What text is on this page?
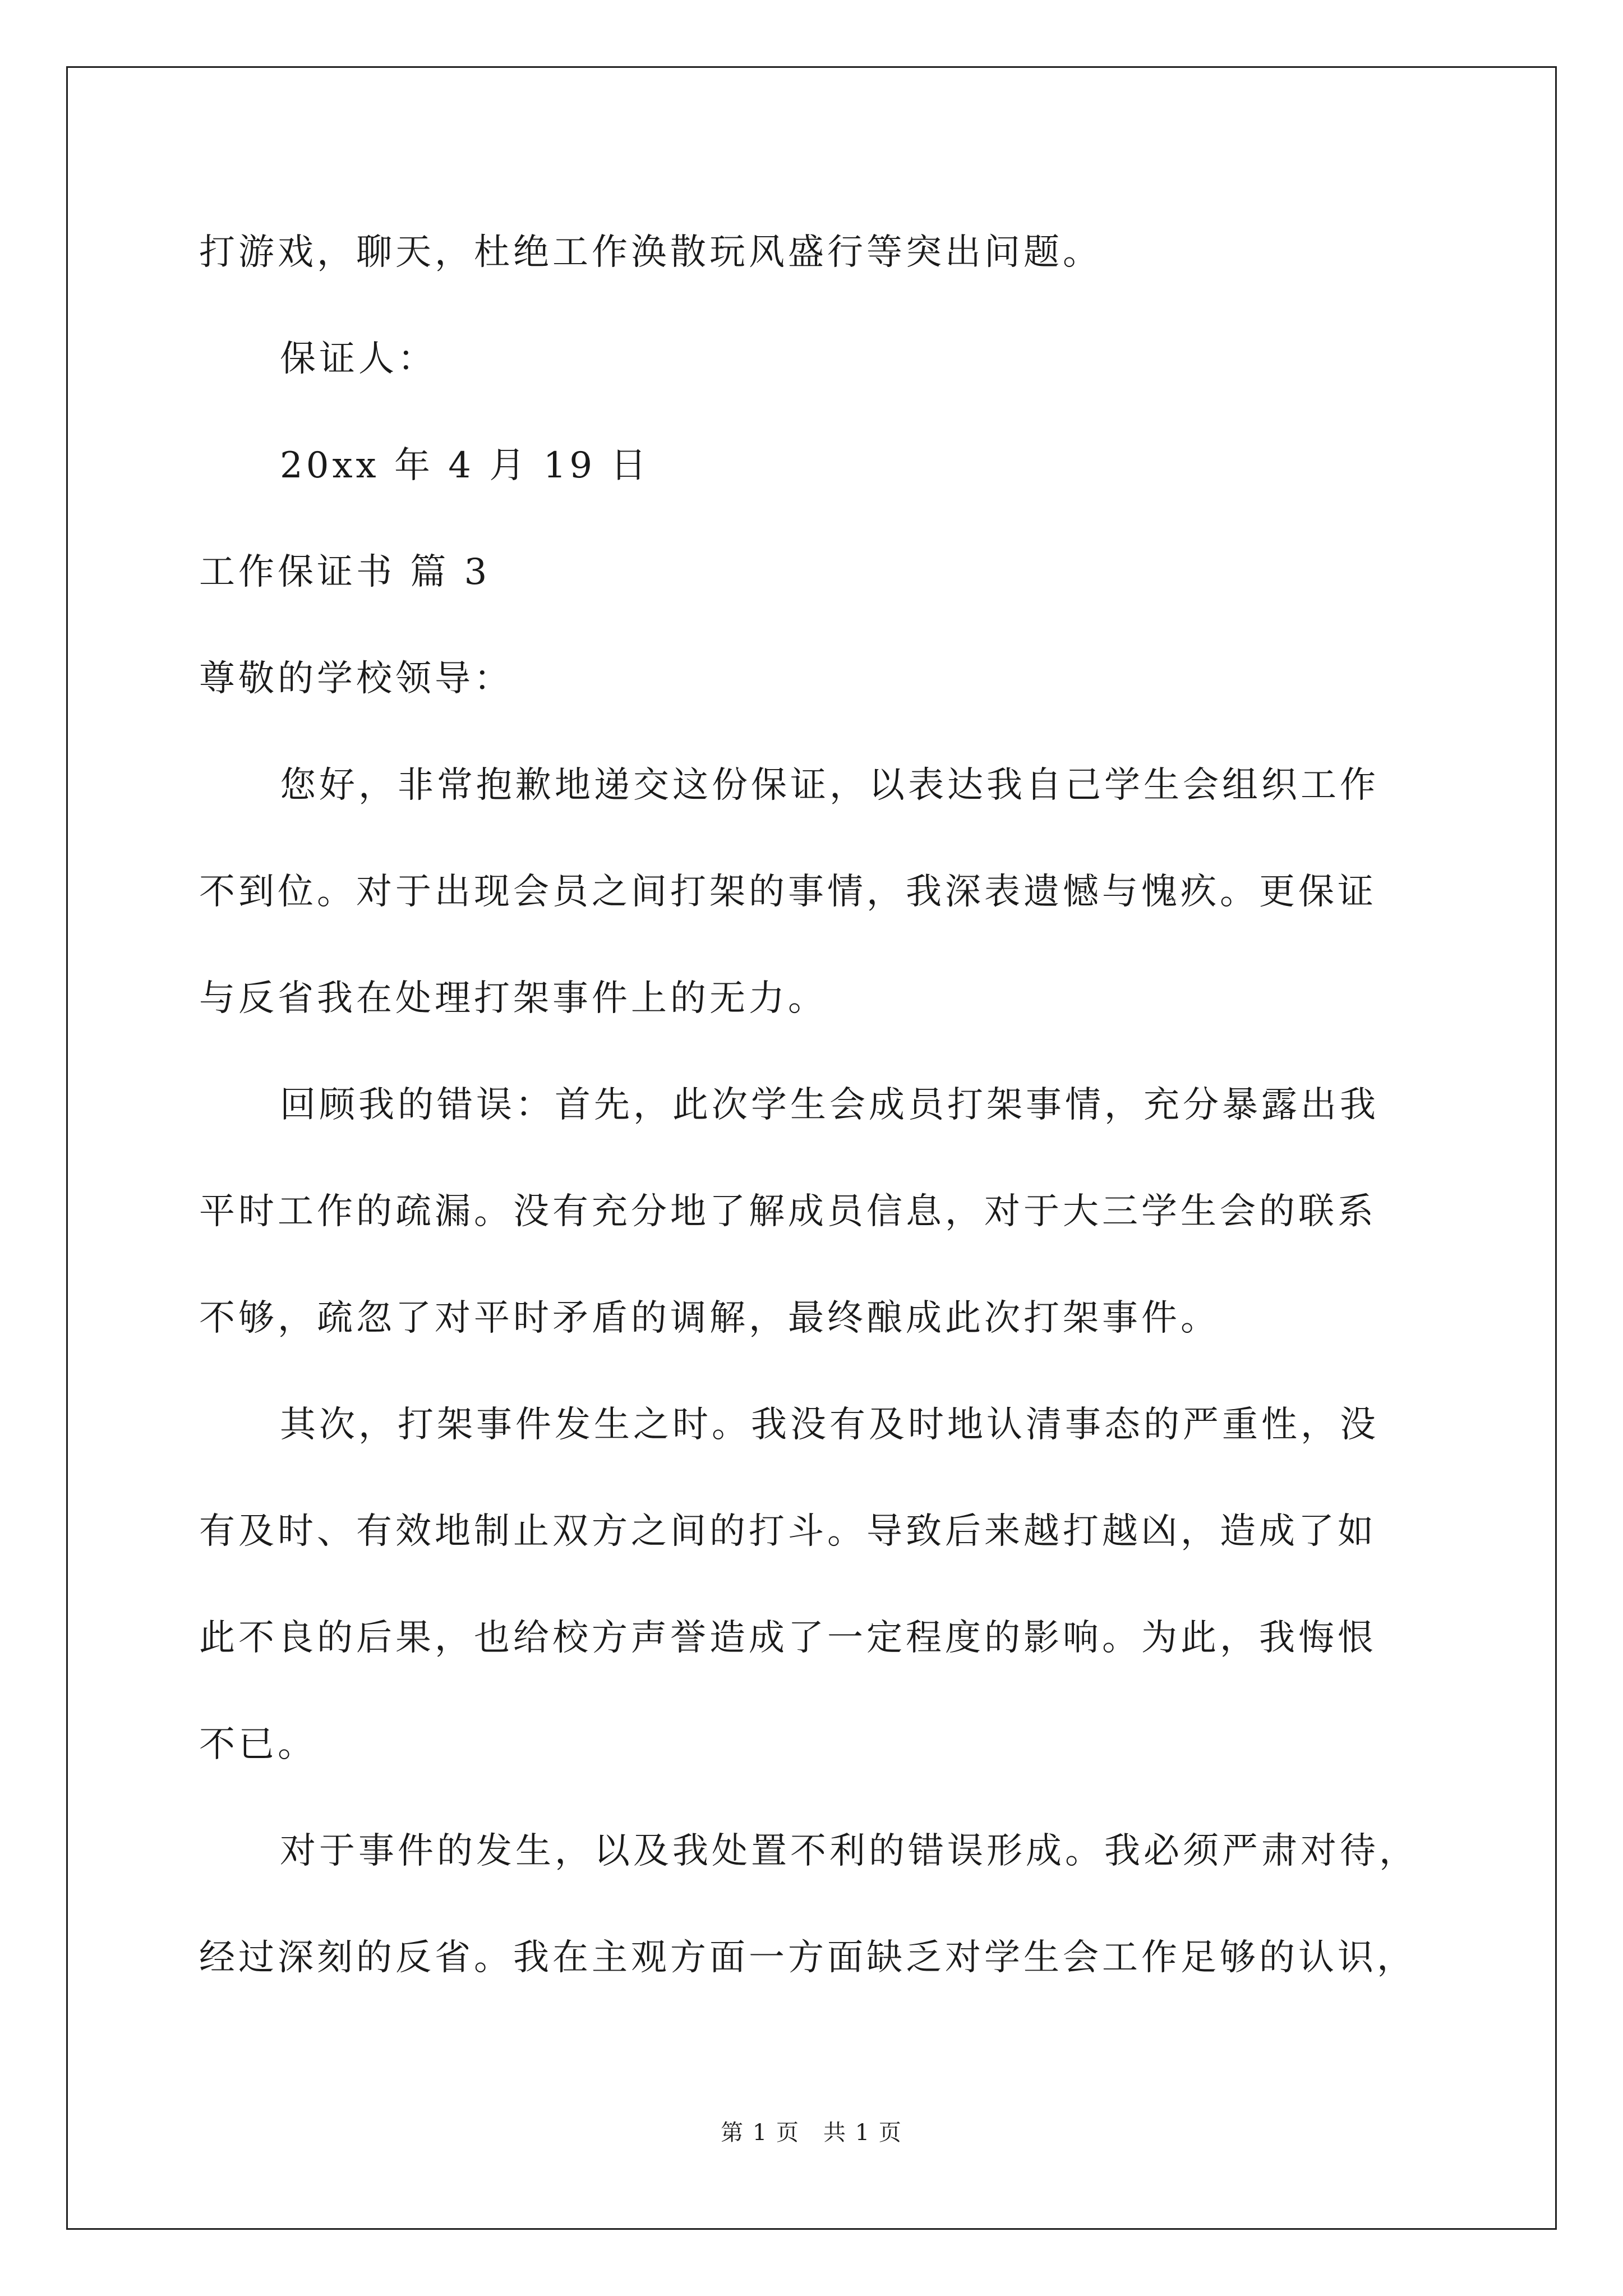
打游戏，聊天，杜绝工作涣散玩风盛行等突出问题。
保证人：
20xx 年 4 月 19 日
工作保证书 篇 3
尊敬的学校领导：
您好，非常抱歉地递交这份保证，以表达我自己学生会组织工作
不到位。对于出现会员之间打架的事情，我深表遗憾与愧疚。更保证
与反省我在处理打架事件上的无力。
回顾我的错误：首先，此次学生会成员打架事情，充分暴露出我
平时工作的疏漏。没有充分地了解成员信息，对于大三学生会的联系
不够，疏忽了对平时矛盾的调解，最终酿成此次打架事件。
其次，打架事件发生之时。我没有及时地认清事态的严重性，没
有及时、有效地制止双方之间的打斗。导致后来越打越凶，造成了如
此不良的后果，也给校方声誉造成了一定程度的影响。为此，我悔恨
不已。
对于事件的发生，以及我处置不利的错误形成。我必须严肃对待，
经过深刻的反省。我在主观方面一方面缺乏对学生会工作足够的认识，
第 1 页　共 1 页
